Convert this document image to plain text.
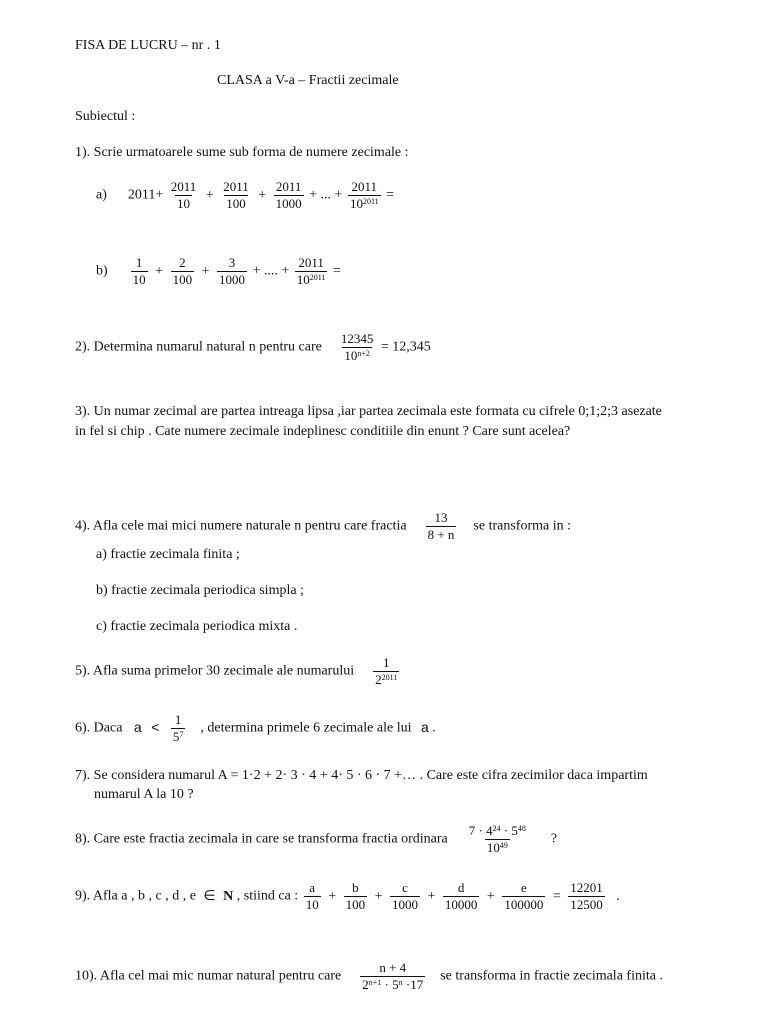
FISA DE LUCRU – nr . 1
CLASA a V-a – Fractii zecimale
Subiectul :
1). Scrie urmatoarele sume sub forma de numere zecimale :
a) $2011+ \frac{2011}{10} + \frac{2011}{100} + \frac{2011}{1000}$ + ... + $\frac{2011}{10^{2011}}$ =
$b) \frac{1}{10} + \frac{2}{100} + \frac{3}{1000}$ + .... + $\frac{2011}{10^{2011}}$ =
2). Determina numarul natural n pentru care $\frac{12345}{10^{n+2}} = 12,345$
3). Un numar zecimal are partea intreaga lipsa ,iar partea zecimala este formata cu cifrele 0;1;2;3 asezate
in fel si chip . Cate numere zecimale indeplinesc conditiile din enunt ? Care sunt acelea?
4). Afla cele mai mici numere naturale n pentru care fractia $\frac{13}{8 + n}$ se transforma in :
a) fractie zecimala finita ;
b) fractie zecimala periodica simpla ;
c) fractie zecimala periodica mixta .
5). Afla suma primelor 30 zecimale ale numarului $\frac{1}{2^{2011}}$
6). Daca $a < \frac{1}{5^7}$ , determina primele 6 zecimale ale lui a .
7). Se considera numarul A = 1·2 + 2· 3 · 4 + 4· 5 · 6 · 7 +… . Care este cifra zecimilor daca impartim
numarul A la 10 ?
8). Care este fractia zecimala in care se transforma fractia ordinara $\frac{7 \cdot 4^{24} \cdot 5^{48}}{10^{49}}$ ?
9). Afla a , b , c , d , e ∈ N , stiind ca : $\frac{a}{10} + \frac{b}{100} + \frac{c}{1000} + \frac{d}{10000} + \frac{e}{100000} = \frac{12201}{12500}$ .
10). Afla cel mai mic numar natural pentru care $\frac{n + 4}{2^{n+1} \cdot 5^n \cdot 17}$ se transforma in fractie zecimala finita .
